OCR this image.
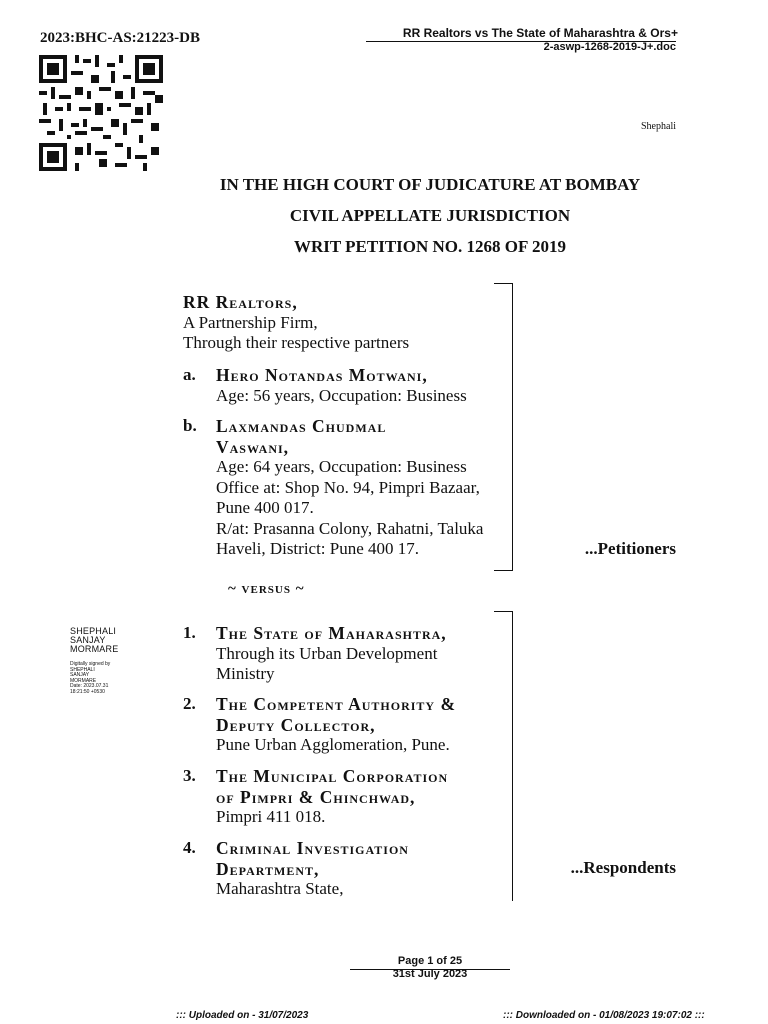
2023:BHC-AS:21223-DB	RR Realtors vs The State of Maharashtra & Ors+
2-aswp-1268-2019-J+.doc
Shephali
IN THE HIGH COURT OF JUDICATURE AT BOMBAY
CIVIL APPELLATE JURISDICTION
WRIT PETITION NO. 1268 OF 2019
RR Realtors,
A Partnership Firm,
Through their respective partners
a. Hero Notandas Motwani,
Age: 56 years, Occupation: Business
b. Laxmandas Chudmal
Vaswani,
Age: 64 years, Occupation: Business
Office at: Shop No. 94, Pimpri Bazaar,
Pune 400 017.
R/at: Prasanna Colony, Rahatni, Taluka
Haveli, District: Pune 400 17.	...Petitioners
~ versus ~
1. The State of Maharashtra,
Through its Urban Development
Ministry
2. The Competent Authority &
Deputy Collector,
Pune Urban Agglomeration, Pune.
3. The Municipal Corporation
of Pimpri & Chinchwad,
Pimpri 411 018.
4. Criminal Investigation
Department,
Maharashtra State,
...Respondents
SHEPHALI
SANJAY
MORMARE
Digitally signed by
SHEPHALI
SANJAY
MORMARE
Date: 2023.07.31
18:21:50 +0530
Page 1 of 25
31st July 2023
::: Uploaded on - 31/07/2023	::: Downloaded on - 01/08/2023 19:07:02 :::
